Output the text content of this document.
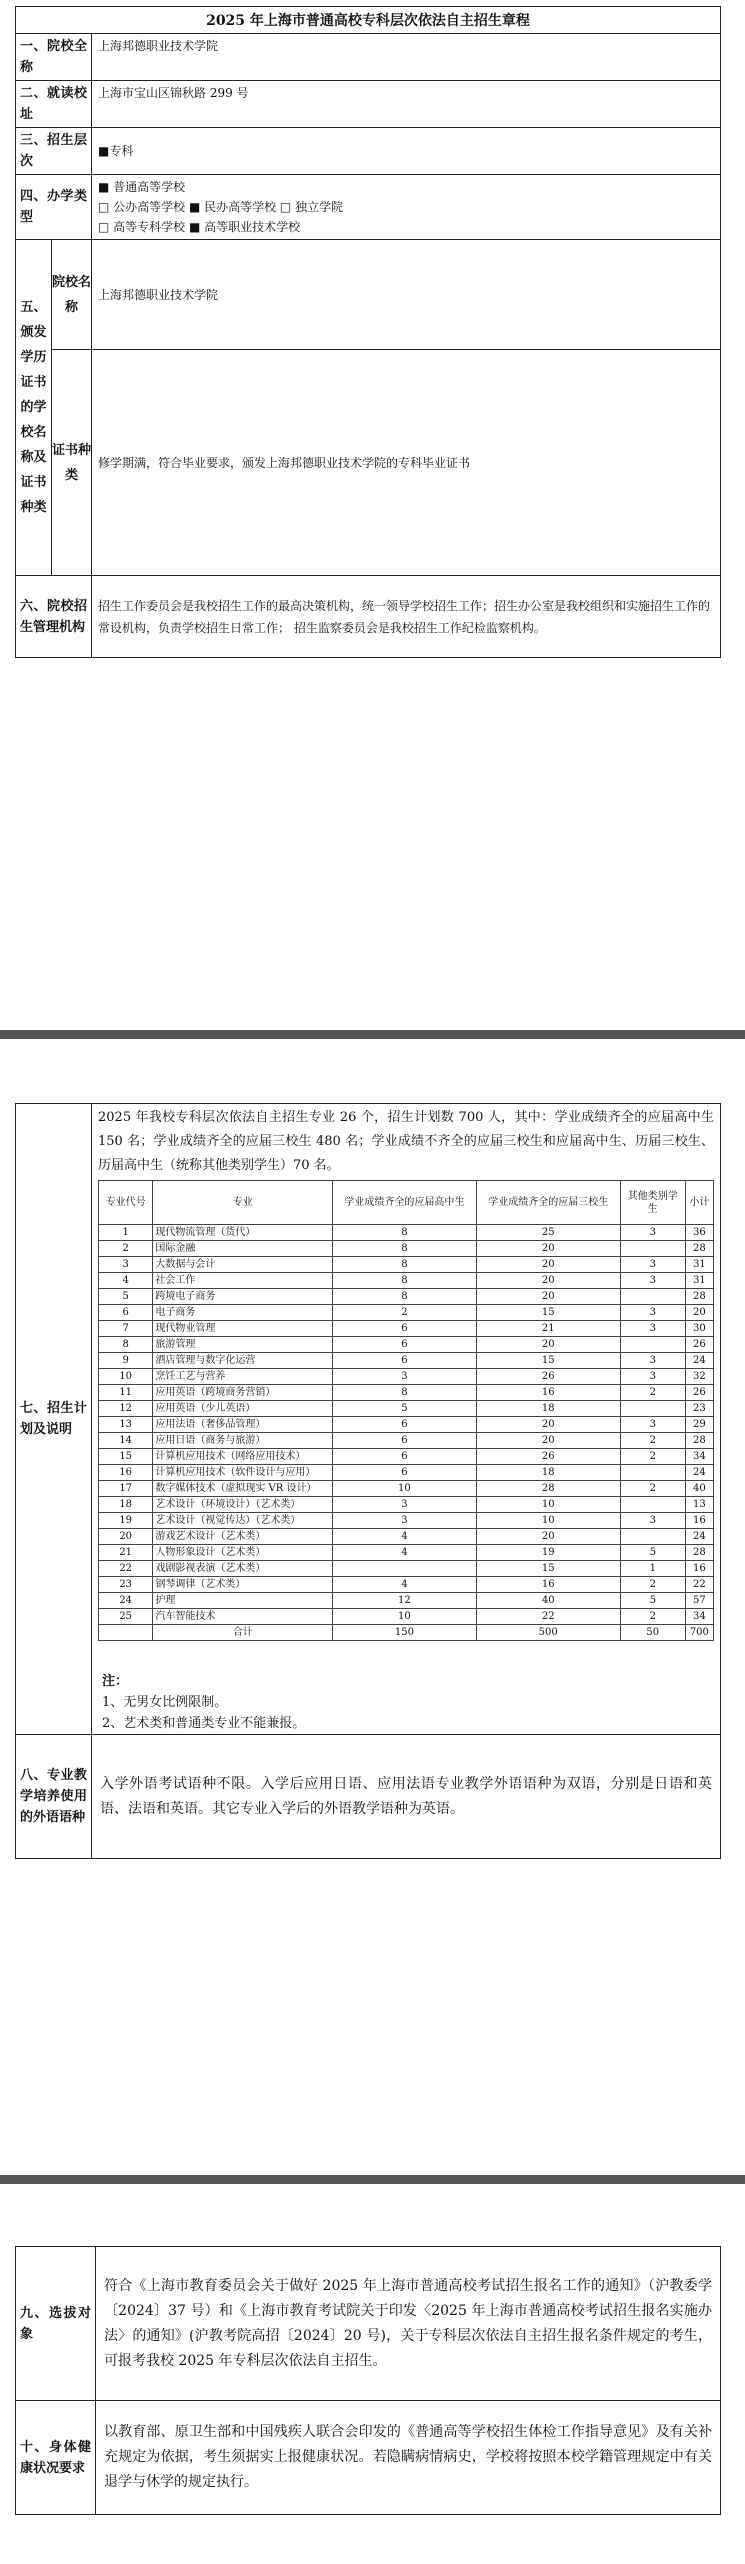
2025 年上海市普通高校专科层次依法自主招生章程		
一、院校全称		上海邦德职业技术学院
二、就读校址		上海市宝山区锦秋路 299 号
三、招生层次		■专科
四、办学类型		■ 普通高等学校
□ 公办高等学校 ■ 民办高等学校 □ 独立学院
□ 高等专科学校 ■ 高等职业技术学校

五、颁发学历证书的学校名称及证书种类	院校名称	上海邦德职业技术学院
	证书种类	修学期满，符合毕业要求，颁发上海邦德职业技术学院的专科毕业证书
六、院校招生管理机构		招生工作委员会是我校招生工作的最高决策机构，统一领导学校招生工作；招生办公室是我校组织和实施招生工作的常设机构，负责学校招生日常工作； 招生监察委员会是我校招生工作纪检监察机构。
七、招生计划及说明	
2025 年我校专科层次依法自主招生专业 26 个，招生计划数 700 人，其中：学业成绩齐全的应届高中生 150 名；学业成绩齐全的应届三校生 480 名；学业成绩不齐全的应届三校生和应届高中生、历届三校生、历届高中生（统称其他类别学生）70 名。
专业代号	专业	学业成绩齐全的应届高中生	学业成绩齐全的应届三校生	其他类别学生	小计
1	现代物流管理（货代）	8	25	3	36
2	国际金融	8	20		28
3	大数据与会计	8	20	3	31
4	社会工作	8	20	3	31
5	跨境电子商务	8	20		28
6	电子商务	2	15	3	20
7	现代物业管理	6	21	3	30
8	旅游管理	6	20		26
9	酒店管理与数字化运营	6	15	3	24
10	烹饪工艺与营养	3	26	3	32
11	应用英语（跨境商务营销）	8	16	2	26
12	应用英语（少儿英语）	5	18		23
13	应用法语（奢侈品管理）	6	20	3	29
14	应用日语（商务与旅游）	6	20	2	28
15	计算机应用技术（网络应用技术）	6	26	2	34
16	计算机应用技术（软件设计与应用）	6	18		24
17	数字媒体技术（虚拟现实 VR 设计）	10	28	2	40
18	艺术设计（环境设计）（艺术类）	3	10		13
19	艺术设计（视觉传达）（艺术类）	3	10	3	16
20	游戏艺术设计（艺术类）	4	20		24
21	人物形象设计（艺术类）	4	19	5	28
22	戏剧影视表演（艺术类）		15	1	16
23	钢琴调律（艺术类）	4	16	2	22
24	护理	12	40	5	57
25	汽车智能技术	10	22	2	34
	合计	150	500	50	700
注：
1、无男女比例限制。
2、艺术类和普通类专业不能兼报。

八、专业教学培养使用的外语语种	入学外语考试语种不限。入学后应用日语、应用法语专业教学外语语种为双语，分别是日语和英语、法语和英语。其它专业入学后的外语教学语种为英语。
九、选拔对象	符合《上海市教育委员会关于做好 2025 年上海市普通高校考试招生报名工作的通知》（沪教委学〔2024〕37 号）和《上海市教育考试院关于印发〈2025 年上海市普通高校考试招生报名实施办法〉的通知》(沪教考院高招〔2024〕20 号)，关于专科层次依法自主招生报名条件规定的考生，可报考我校 2025 年专科层次依法自主招生。
十、身体健康状况要求	以教育部、原卫生部和中国残疾人联合会印发的《普通高等学校招生体检工作指导意见》及有关补充规定为依据，考生须据实上报健康状况。若隐瞒病情病史，学校将按照本校学籍管理规定中有关退学与休学的规定执行。
